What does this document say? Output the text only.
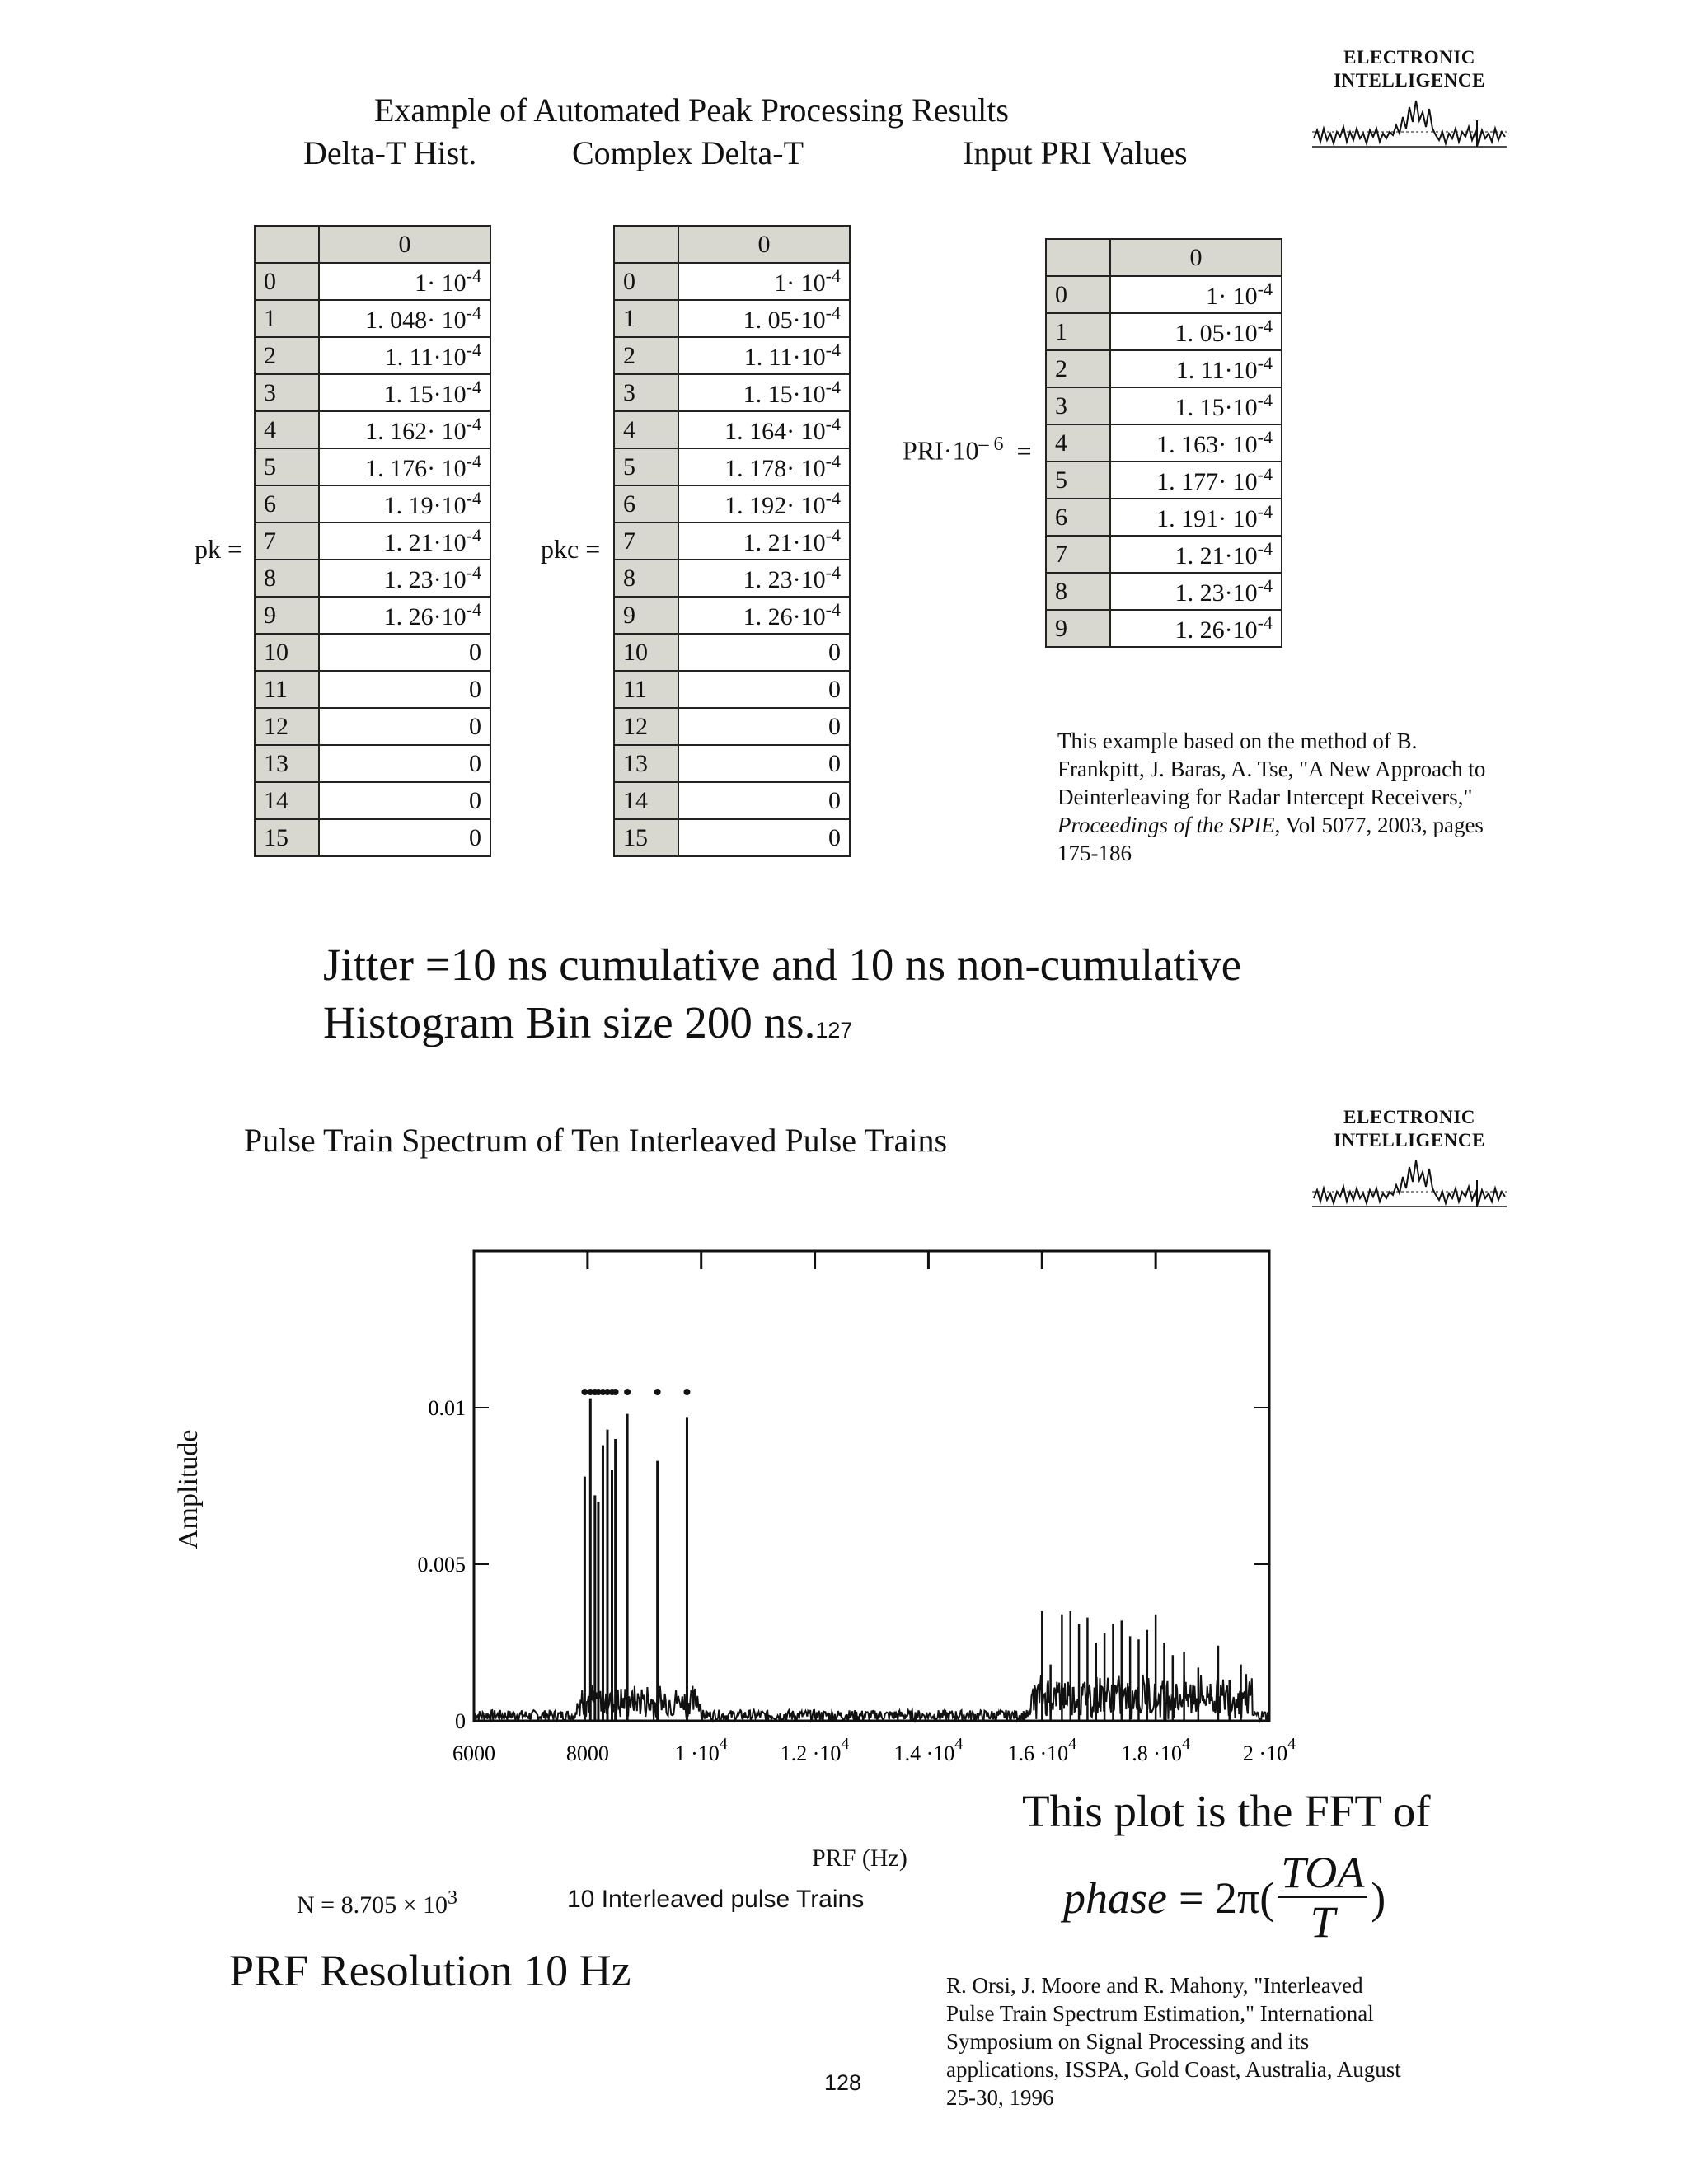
Example of Automated Peak Processing Results
Delta-T Hist.	Complex Delta-T	Input PRI Values
ELECTRONIC
INTELLIGENCE
pk =
	0
0	$1\cdot 10^{-4}$
1	1. $048\cdot 10^{-4}$
2	1. $11\cdot 10^{-4}$
3	1. $15\cdot 10^{-4}$
4	1. $162\cdot 10^{-4}$
5	1. $176\cdot 10^{-4}$
6	1. $19\cdot 10^{-4}$
7	1. $21\cdot 10^{-4}$
8	1. $23\cdot 10^{-4}$
9	1. $26\cdot 10^{-4}$
10	0
11	0
12	0
13	0
14	0
15	0
pkc =
	0
0	$1\cdot 10^{-4}$
1	1. $05\cdot 10^{-4}$
2	1. $11\cdot 10^{-4}$
3	1. $15\cdot 10^{-4}$
4	1. $164\cdot 10^{-4}$
5	1. $178\cdot 10^{-4}$
6	1. $192\cdot 10^{-4}$
7	1. $21\cdot 10^{-4}$
8	1. $23\cdot 10^{-4}$
9	1. $26\cdot 10^{-4}$
10	0
11	0
12	0
13	0
14	0
15	0
$PRI\cdot 10^{- 6}$ =
	0
0	$1\cdot 10^{-4}$
1	1. $05\cdot 10^{-4}$
2	1. $11\cdot 10^{-4}$
3	1. $15\cdot 10^{-4}$
4	1. $163\cdot 10^{-4}$
5	1. $177\cdot 10^{-4}$
6	1. $191\cdot 10^{-4}$
7	1. $21\cdot 10^{-4}$
8	1. $23\cdot 10^{-4}$
9	1. $26\cdot 10^{-4}$
This example based on the method of B. Frankpitt, J. Baras, A. Tse, "A New Approach to Deinterleaving for Radar Intercept Receivers," Proceedings of the SPIE, Vol 5077, 2003, pages 175-186
Jitter =10 ns cumulative and 10 ns non-cumulative
Histogram Bin size 200 ns.127
Pulse Train Spectrum of Ten Interleaved Pulse Trains
ELECTRONIC
INTELLIGENCE
Amplitude
6000	8000	$1 \cdot 10^4$ $1.2 \cdot 10^4$ $1.4 \cdot 10^4$ $1.6 \cdot 10^4$ $1.8 \cdot 10^4$ $2 \cdot 10^4$
0
0.005
0.01
PRF (Hz)
$N = 8.705 \times 10^3$	10 Interleaved pulse Trains
This plot is the FFT of
phase = 2π(
TOA
T )
PRF Resolution 10 Hz	R. Orsi, J. Moore and R. Mahony, "Interleaved Pulse Train Spectrum Estimation," International Symposium on Signal Processing and its applications, ISSPA, Gold Coast, Australia, August 25-30, 1996
128
